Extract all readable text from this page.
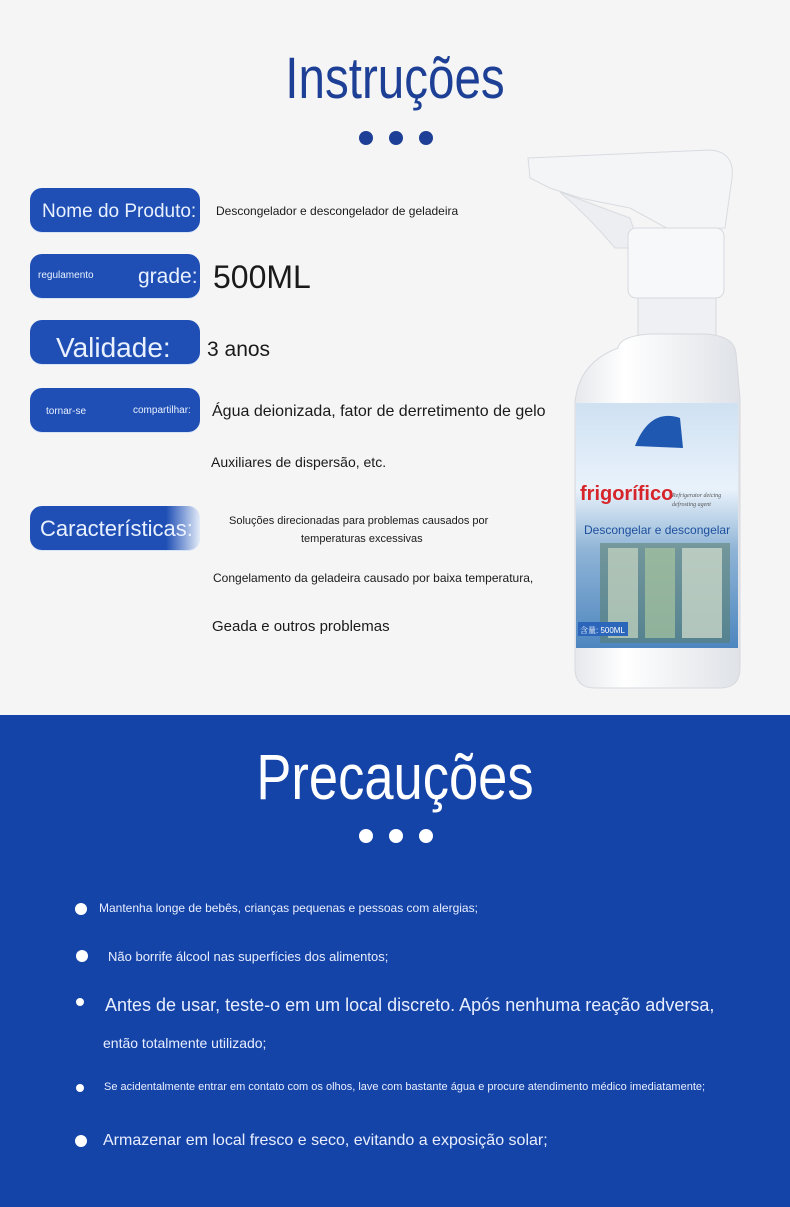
Instruções
Nome do Produto: Descongelador e descongelador de geladeira
regulamento grade: 500ML
Validade: 3 anos
tornar-se	compartilhar: Água deionizada, fator de derretimento de gelo
Auxiliares de dispersão, etc.
Características:	Soluções direcionadas para problemas causados por
temperaturas excessivas
Congelamento da geladeira causado por baixa temperatura,
Geada e outros problemas
frigorífico
Refrigerator deicing
defrosting agent
Descongelar e descongelar
含量: 500ML
Precauções
Mantenha longe de bebês, crianças pequenas e pessoas com alergias;
Não borrife álcool nas superfícies dos alimentos;
Antes de usar, teste-o em um local discreto. Após nenhuma reação adversa,
então totalmente utilizado;
Se acidentalmente entrar em contato com os olhos, lave com bastante água e procure atendimento médico imediatamente;
Armazenar em local fresco e seco, evitando a exposição solar;
